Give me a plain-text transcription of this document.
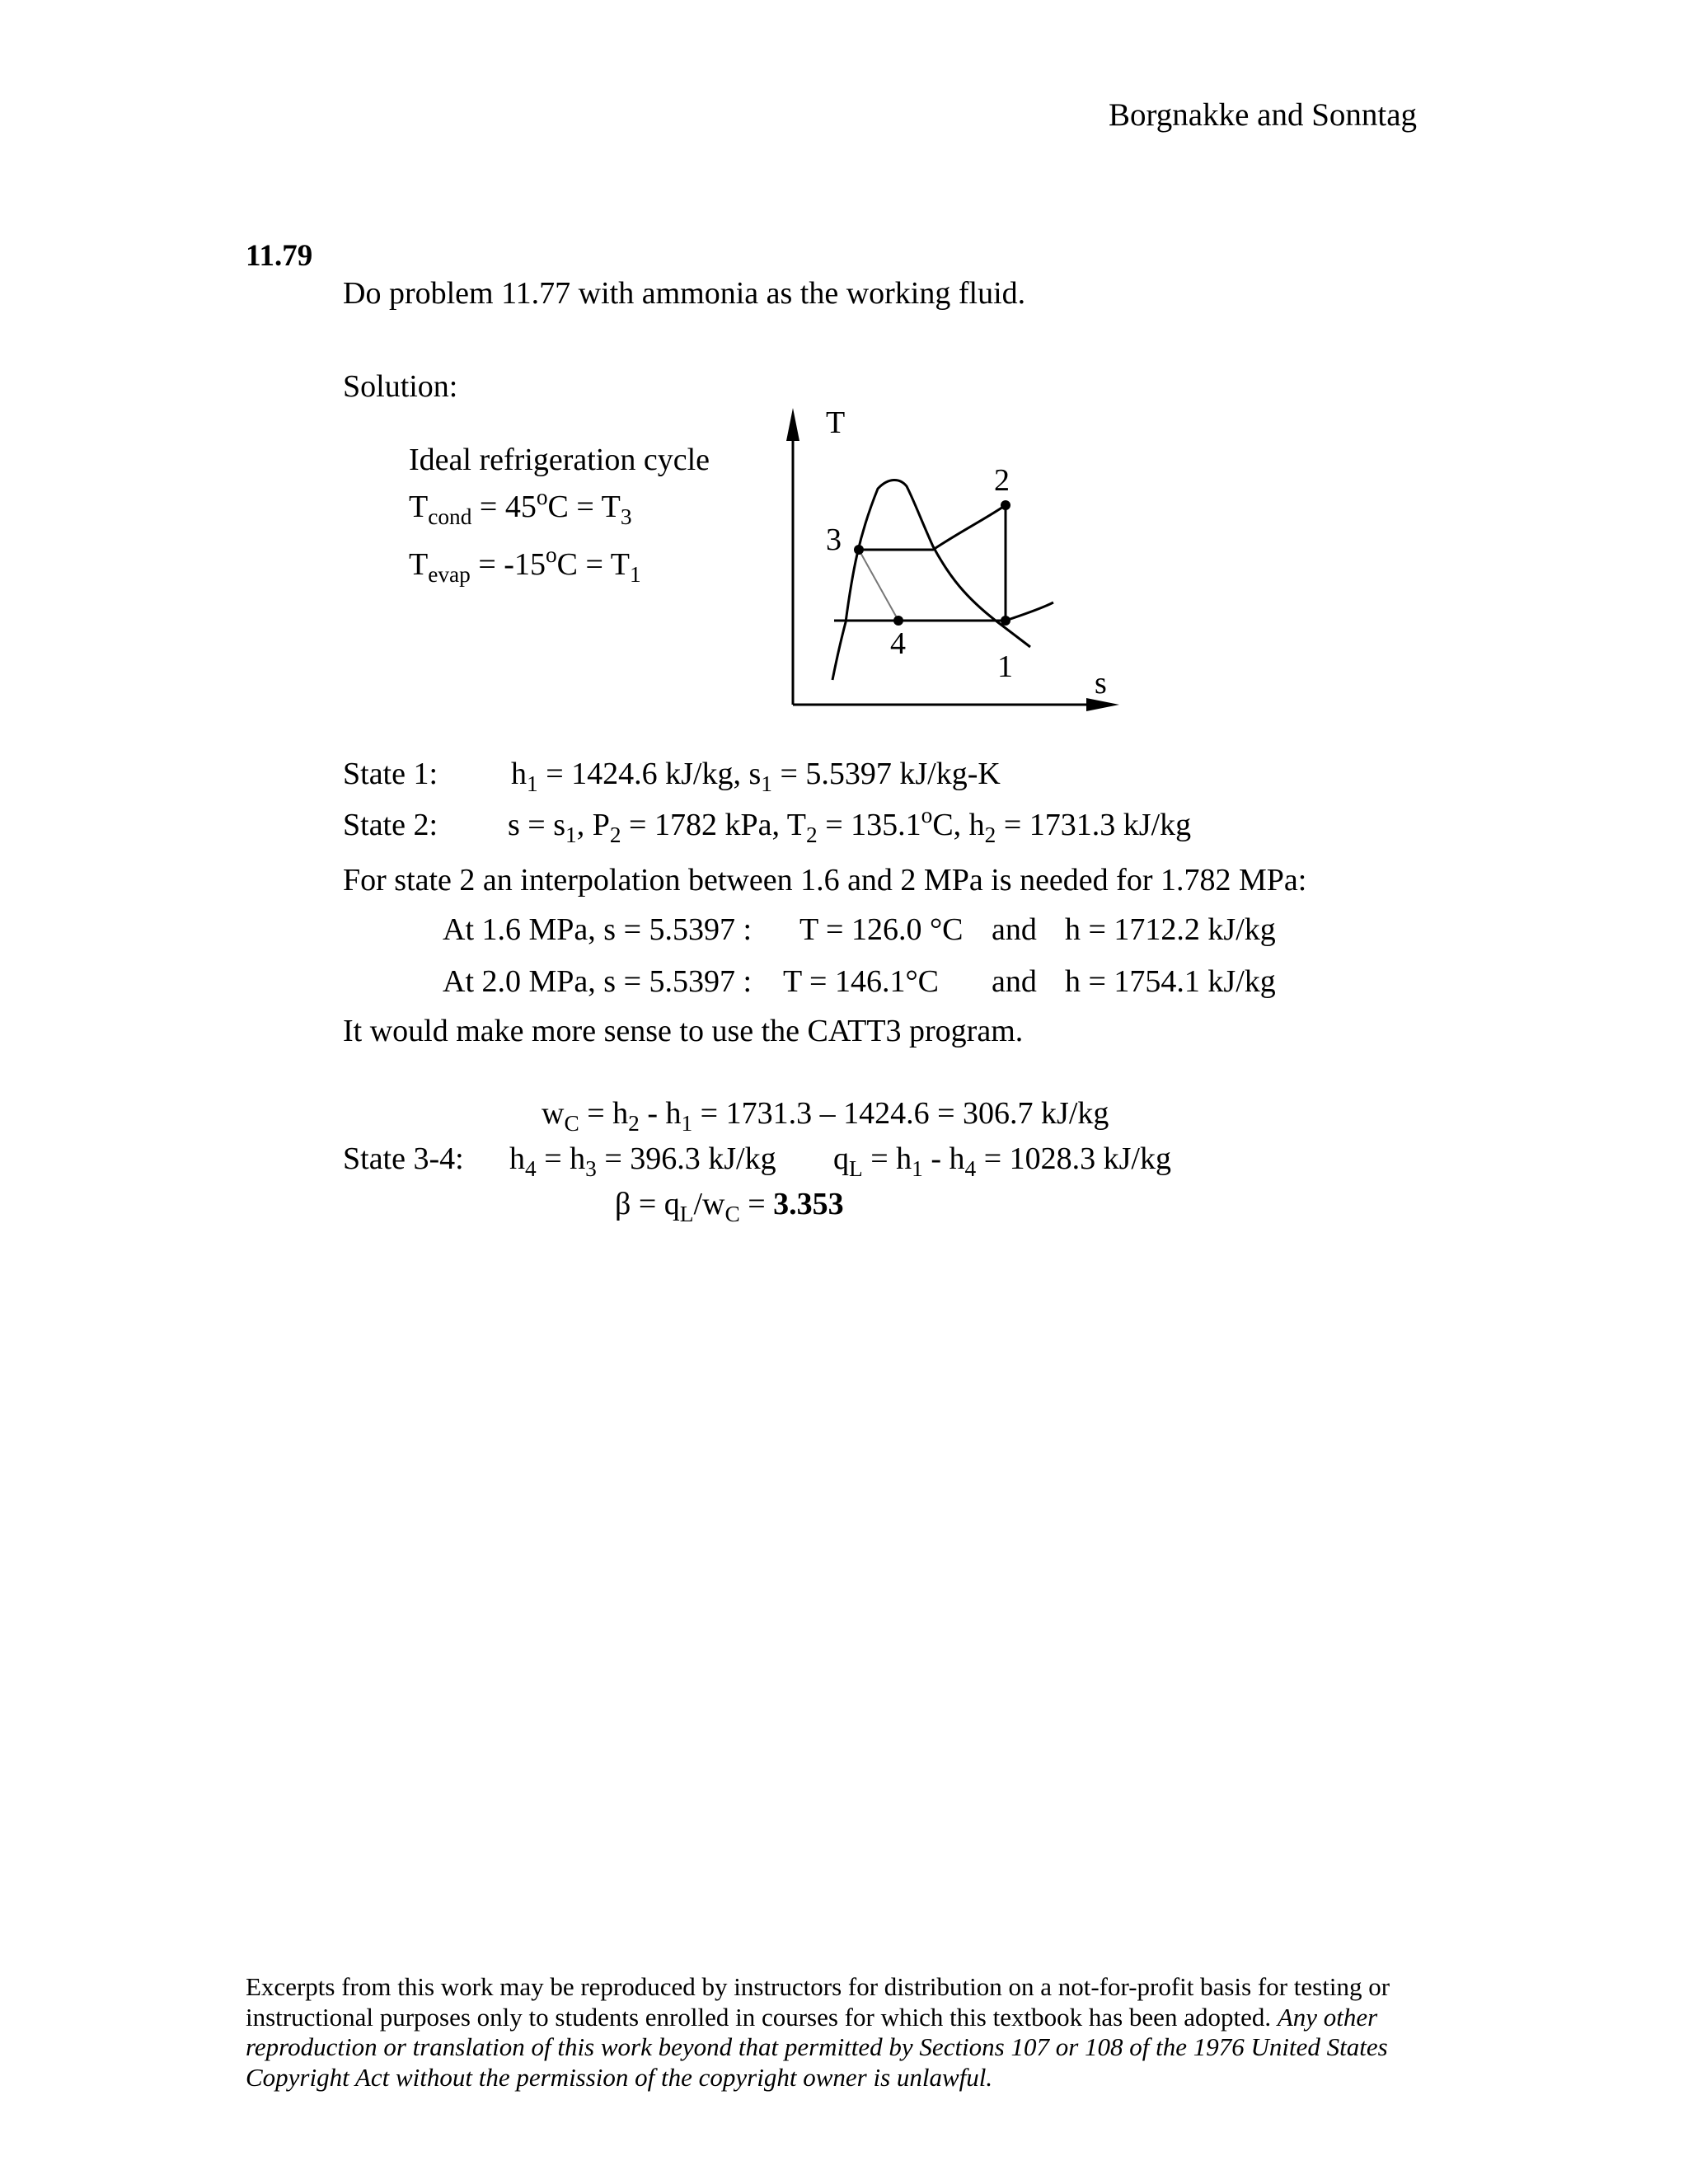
Borgnakke and Sonntag
11.79
Do problem 11.77 with ammonia as the working fluid.
Solution:
Ideal refrigeration cycle
$T_{cond} = 45^oC = T_3$
$T_{evap} = -15^oC = T_1$
T
s
1
2
3
4
State 1: $h_1 = 1424.6$ kJ/kg, $s_1 = 5.5397$ kJ/kg-K
State 2: $s = s_1$, $P_2 = 1782$ kPa, $T_2 = 135.1^oC$, $h_2 = 1731.3$ kJ/kg
For state 2 an interpolation between 1.6 and 2 MPa is needed for 1.782 MPa:
At 1.6 MPa, s = 5.5397 : T = 126.0 °C and h = 1712.2 kJ/kg
At 2.0 MPa, s = 5.5397 : T = 146.1°C and h = 1754.1 kJ/kg
It would make more sense to use the CATT3 program.
$w_C = h_2 - h_1 = 1731.3 - 1424.6 = 306.7$ kJ/kg
State 3-4: $h_4 = h_3 = 396.3$ kJ/kg $q_L = h_1 - h_4 = 1028.3$ kJ/kg
$\beta = q_L/w_C = 3.353$
Excerpts from this work may be reproduced by instructors for distribution on a not-for-profit basis for testing or instructional purposes only to students enrolled in courses for which this textbook has been adopted. Any other reproduction or translation of this work beyond that permitted by Sections 107 or 108 of the 1976 United States Copyright Act without the permission of the copyright owner is unlawful.
